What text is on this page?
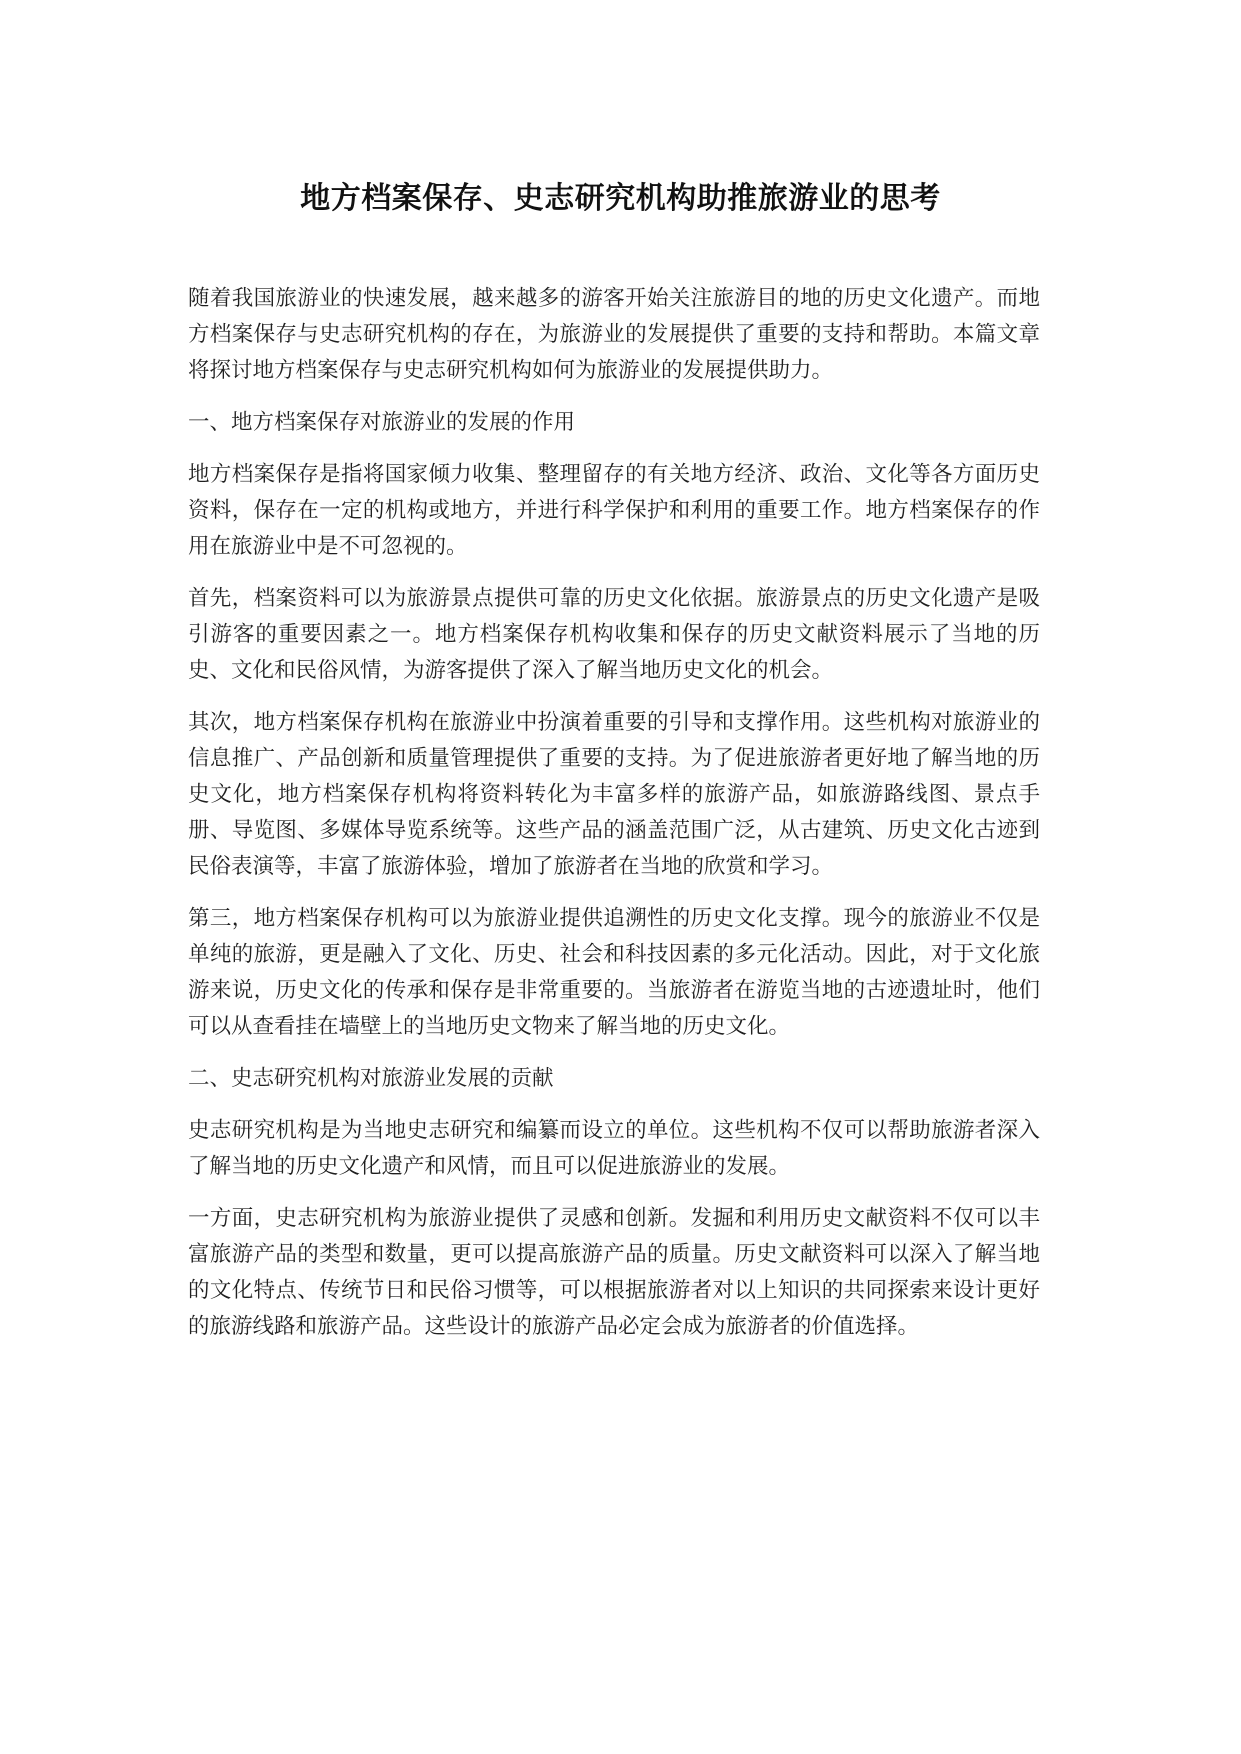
地方档案保存、史志研究机构助推旅游业的思考

随着我国旅游业的快速发展，越来越多的游客开始关注旅游目的地的历史文化遗产。而地方档案保存与史志研究机构的存在，为旅游业的发展提供了重要的支持和帮助。本篇文章将探讨地方档案保存与史志研究机构如何为旅游业的发展提供助力。

一、地方档案保存对旅游业的发展的作用

地方档案保存是指将国家倾力收集、整理留存的有关地方经济、政治、文化等各方面历史资料，保存在一定的机构或地方，并进行科学保护和利用的重要工作。地方档案保存的作用在旅游业中是不可忽视的。

首先，档案资料可以为旅游景点提供可靠的历史文化依据。旅游景点的历史文化遗产是吸引游客的重要因素之一。地方档案保存机构收集和保存的历史文献资料展示了当地的历史、文化和民俗风情，为游客提供了深入了解当地历史文化的机会。

其次，地方档案保存机构在旅游业中扮演着重要的引导和支撑作用。这些机构对旅游业的信息推广、产品创新和质量管理提供了重要的支持。为了促进旅游者更好地了解当地的历史文化，地方档案保存机构将资料转化为丰富多样的旅游产品，如旅游路线图、景点手册、导览图、多媒体导览系统等。这些产品的涵盖范围广泛，从古建筑、历史文化古迹到民俗表演等，丰富了旅游体验，增加了旅游者在当地的欣赏和学习。

第三，地方档案保存机构可以为旅游业提供追溯性的历史文化支撑。现今的旅游业不仅是单纯的旅游，更是融入了文化、历史、社会和科技因素的多元化活动。因此，对于文化旅游来说，历史文化的传承和保存是非常重要的。当旅游者在游览当地的古迹遗址时，他们可以从查看挂在墙壁上的当地历史文物来了解当地的历史文化。

二、史志研究机构对旅游业发展的贡献

史志研究机构是为当地史志研究和编纂而设立的单位。这些机构不仅可以帮助旅游者深入了解当地的历史文化遗产和风情，而且可以促进旅游业的发展。

一方面，史志研究机构为旅游业提供了灵感和创新。发掘和利用历史文献资料不仅可以丰富旅游产品的类型和数量，更可以提高旅游产品的质量。历史文献资料可以深入了解当地的文化特点、传统节日和民俗习惯等，可以根据旅游者对以上知识的共同探索来设计更好的旅游线路和旅游产品。这些设计的旅游产品必定会成为旅游者的价值选择。
